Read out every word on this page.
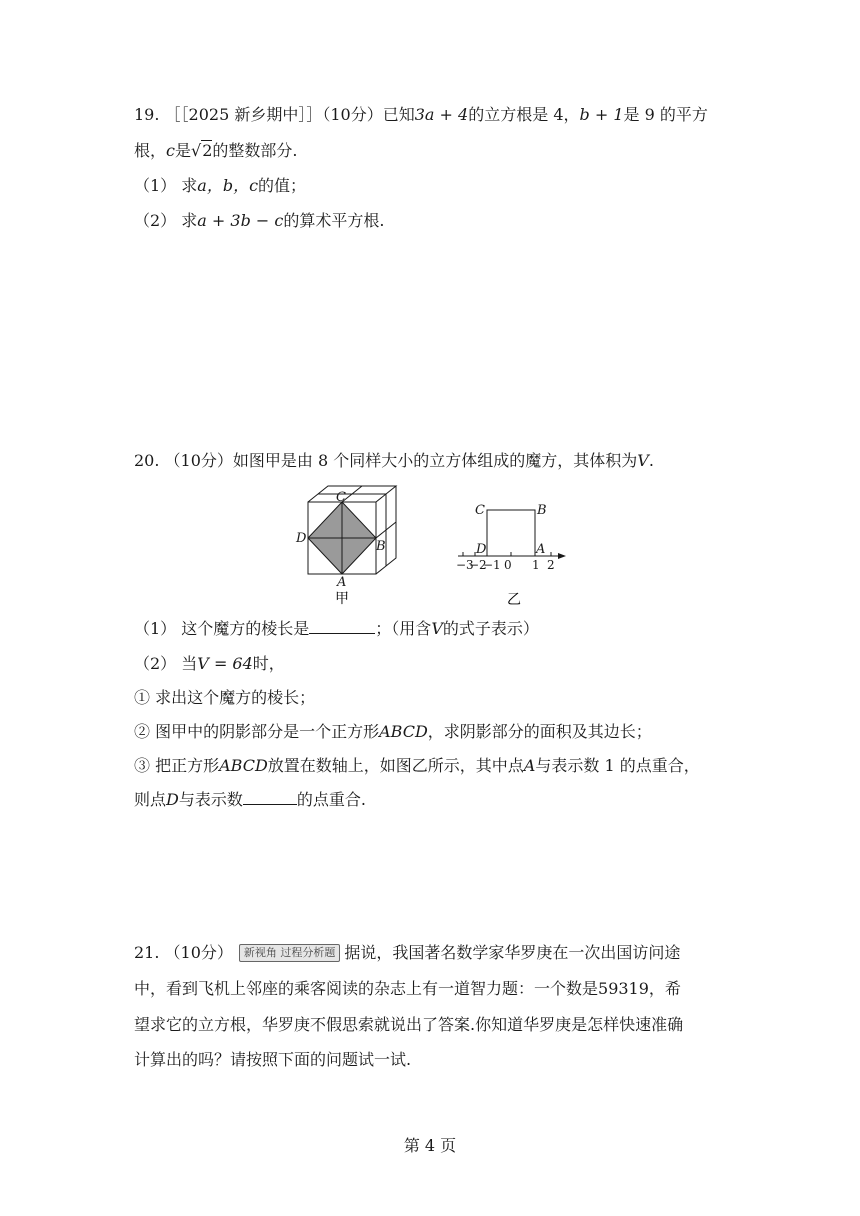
19. ［［2025 新乡期中］］（10分）已知3a + 4的立方根是 4，b + 1是 9 的平方
根，c是√2的整数部分.
（1） 求a，b，c的值；
（2） 求a + 3b − c的算术平方根.
20. （10分）如图甲是由 8 个同样大小的立方体组成的魔方，其体积为V.
C
D
B
A
甲
−3
−2
−1 0 1 2
C	B
D	A
乙
（1） 这个魔方的棱长是	；（用含V的式子表示）
（2） 当V = 64时，
① 求出这个魔方的棱长；
② 图甲中的阴影部分是一个正方形ABCD，求阴影部分的面积及其边长；
③ 把正方形ABCD放置在数轴上，如图乙所示，其中点A与表示数 1 的点重合，
则点D与表示数	的点重合.
21. （10分） 新视角 过程分析题 据说，我国著名数学家华罗庚在一次出国访问途
中，看到飞机上邻座的乘客阅读的杂志上有一道智力题：一个数是59319，希
望求它的立方根，华罗庚不假思索就说出了答案.你知道华罗庚是怎样快速准确
计算出的吗？请按照下面的问题试一试.
第 4 页
